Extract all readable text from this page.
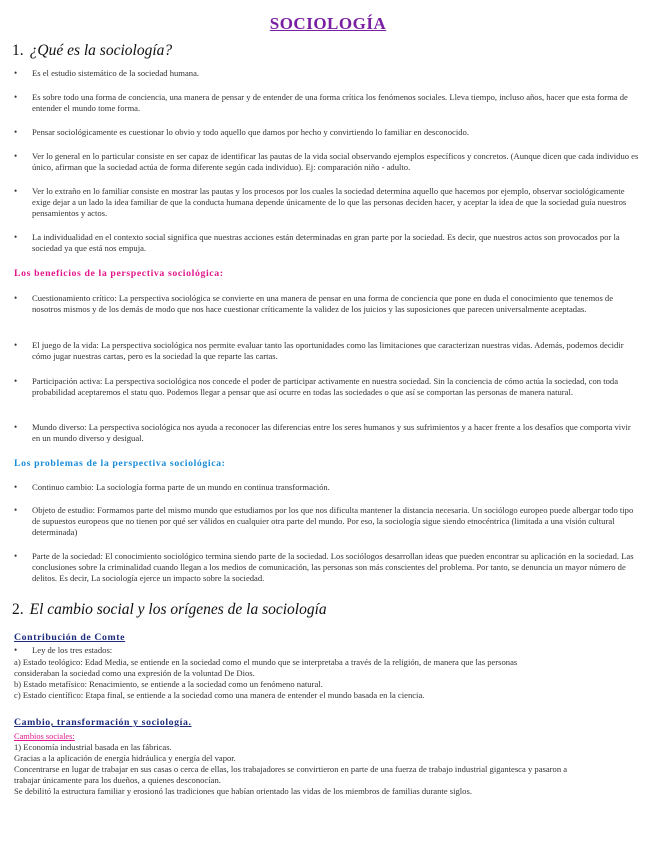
SOCIOLOGÍA
1. ¿Qué es la sociología?
• Es el estudio sistemático de la sociedad humana.
• Es sobre todo una forma de conciencia, una manera de pensar y de entender de una forma crítica los fenómenos sociales. Lleva tiempo, incluso años, hacer que esta forma de entender el mundo tome forma.
• Pensar sociológicamente es cuestionar lo obvio y todo aquello que damos por hecho y convirtiendo lo familiar en desconocido.
• Ver lo general en lo particular consiste en ser capaz de identificar las pautas de la vida social observando ejemplos específicos y concretos. (Aunque dicen que cada individuo es único, afirman que la sociedad actúa de forma diferente según cada individuo). Ej: comparación niño - adulto.
• Ver lo extraño en lo familiar consiste en mostrar las pautas y los procesos por los cuales la sociedad determina aquello que hacemos por ejemplo, observar sociológicamente exige dejar a un lado la idea familiar de que la conducta humana depende únicamente de lo que las personas deciden hacer, y aceptar la idea de que la sociedad guía nuestros pensamientos y actos.
• La individualidad en el contexto social significa que nuestras acciones están determinadas en gran parte por la sociedad. Es decir, que nuestros actos son provocados por la sociedad ya que está nos empuja.
Los beneficios de la perspectiva sociológica:
• Cuestionamiento crítico: La perspectiva sociológica se convierte en una manera de pensar en una forma de conciencia que pone en duda el conocimiento que tenemos de nosotros mismos y de los demás de modo que nos hace cuestionar críticamente la validez de los juicios y las suposiciones que parecen universalmente aceptadas.
• El juego de la vida: La perspectiva sociológica nos permite evaluar tanto las oportunidades como las limitaciones que caracterizan nuestras vidas. Además, podemos decidir cómo jugar nuestras cartas, pero es la sociedad la que reparte las cartas.
• Participación activa: La perspectiva sociológica nos concede el poder de participar activamente en nuestra sociedad. Sin la conciencia de cómo actúa la sociedad, con toda probabilidad aceptaremos el statu quo. Podemos llegar a pensar que así ocurre en todas las sociedades o que así se comportan las personas de manera natural.
• Mundo diverso: La perspectiva sociológica nos ayuda a reconocer las diferencias entre los seres humanos y sus sufrimientos y a hacer frente a los desafíos que comporta vivir en un mundo diverso y desigual.
Los problemas de la perspectiva sociológica:
• Continuo cambio: La sociología forma parte de un mundo en continua transformación.
• Objeto de estudio: Formamos parte del mismo mundo que estudiamos por los que nos dificulta mantener la distancia necesaria. Un sociólogo europeo puede albergar todo tipo de supuestos europeos que no tienen por qué ser válidos en cualquier otra parte del mundo. Por eso, la sociología sigue siendo etnocéntrica (limitada a una visión cultural determinada)
• Parte de la sociedad: El conocimiento sociológico termina siendo parte de la sociedad. Los sociólogos desarrollan ideas que pueden encontrar su aplicación en la sociedad. Las conclusiones sobre la criminalidad cuando llegan a los medios de comunicación, las personas son más conscientes del problema. Por tanto, se denuncia un mayor número de delitos. Es decir, La sociología ejerce un impacto sobre la sociedad.
2. El cambio social y los orígenes de la sociología
Contribución de Comte
• Ley de los tres estados:
a) Estado teológico: Edad Media, se entiende en la sociedad como el mundo que se interpretaba a través de la religión, de manera que las personas
consideraban la sociedad como una expresión de la voluntad De Dios.
b) Estado metafísico: Renacimiento, se entiende a la sociedad como un fenómeno natural.
c) Estado científico: Etapa final, se entiende a la sociedad como una manera de entender el mundo basada en la ciencia.
Cambio, transformación y sociología.
Cambios sociales:
1) Economía industrial basada en las fábricas.
Gracias a la aplicación de energía hidráulica y energía del vapor.
Concentrarse en lugar de trabajar en sus casas o cerca de ellas, los trabajadores se convirtieron en parte de una fuerza de trabajo industrial gigantesca y pasaron a
trabajar únicamente para los dueños, a quienes desconocían.
Se debilitó la estructura familiar y erosionó las tradiciones que habían orientado las vidas de los miembros de familias durante siglos.
